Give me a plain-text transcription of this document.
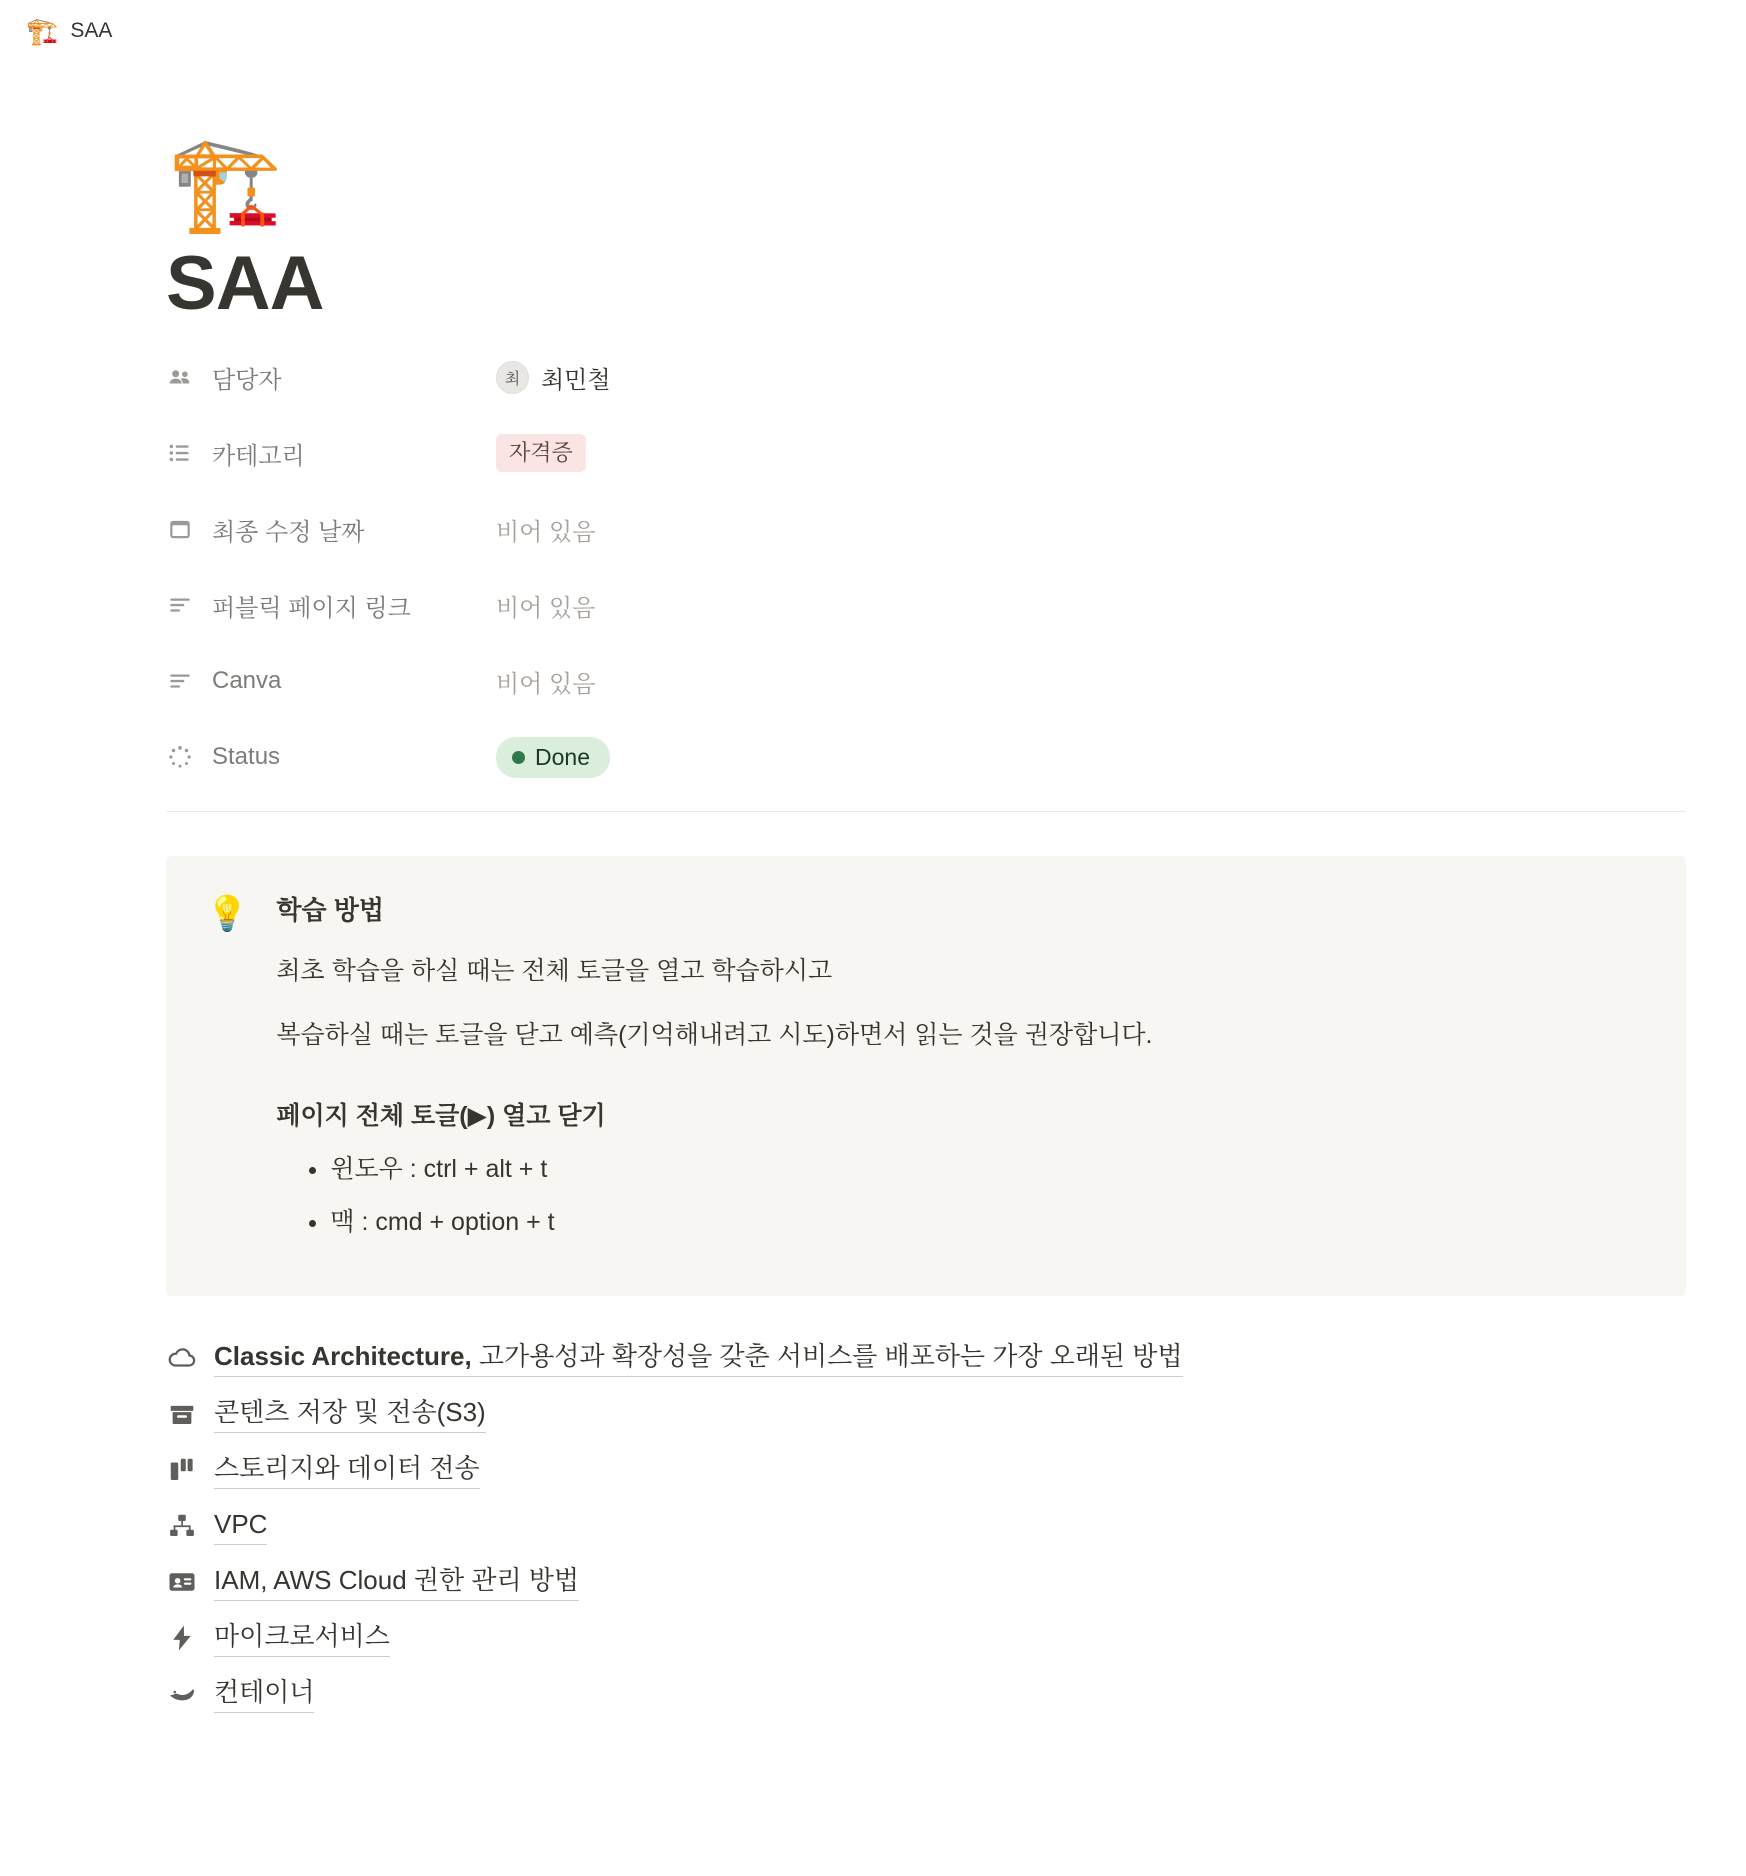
🏗️ SAA
🏗️
SAA
담당자	최 최민철
카테고리	자격증
최종 수정 날짜	비어 있음
퍼블릭 페이지 링크	비어 있음
Canva	비어 있음
Status	Done
💡 학습 방법

최초 학습을 하실 때는 전체 토글을 열고 학습하시고

복습하실 때는 토글을 닫고 예측(기억해내려고 시도)하면서 읽는 것을 권장합니다.

페이지 전체 토글(▶) 열고 닫기
• 윈도우 : ctrl + alt + t
• 맥 : cmd + option + t
Classic Architecture, 고가용성과 확장성을 갖춘 서비스를 배포하는 가장 오래된 방법
콘텐츠 저장 및 전송(S3)
스토리지와 데이터 전송
VPC
IAM, AWS Cloud 권한 관리 방법
마이크로서비스
컨테이너
